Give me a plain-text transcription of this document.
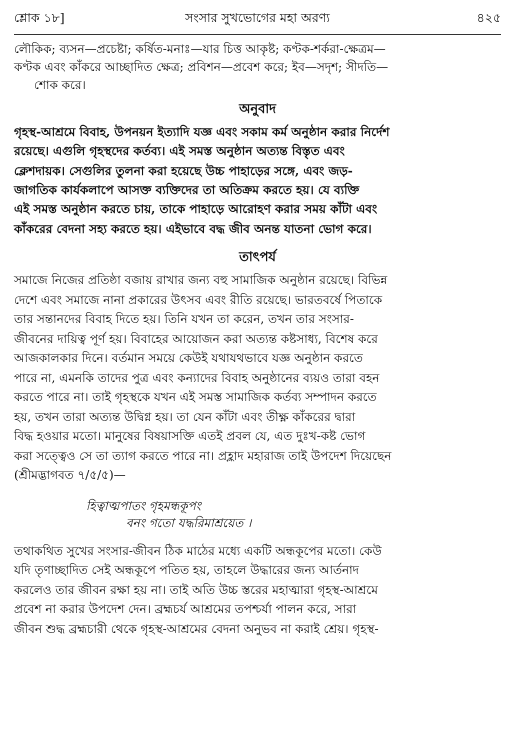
শ্লোক ১৮]	সংসার সুখভোগের মহা অরণ্য	৪২৫

লৌকিক; ব্যসন—প্রচেষ্টা; কর্ষিত-মনাঃ—যার চিত্ত আকৃষ্ট; কণ্টক-শর্করা-ক্ষেত্রম—

কণ্টক এবং কাঁকরে আচ্ছাদিত ক্ষেত্র; প্রবিশন—প্রবেশ করে; ইব—সদৃশ; সীদতি—

শোক করে।

অনুবাদ

গৃহস্থ-আশ্রমে বিবাহ, উপনয়ন ইত্যাদি যজ্ঞ এবং সকাম কর্ম অনুষ্ঠান করার নির্দেশ

রয়েছে। এগুলি গৃহস্থদের কর্তব্য। এই সমস্ত অনুষ্ঠান অত্যন্ত বিস্তৃত এবং

ক্লেশদায়ক। সেগুলির তুলনা করা হয়েছে উচ্চ পাহাড়ের সঙ্গে, এবং জড়-

জাগতিক কার্যকলাপে আসক্ত ব্যক্তিদের তা অতিক্রম করতে হয়। যে ব্যক্তি

এই সমস্ত অনুষ্ঠান করতে চায়, তাকে পাহাড়ে আরোহণ করার সময় কাঁটা এবং

কাঁকরের বেদনা সহ্য করতে হয়। এইভাবে বদ্ধ জীব অনন্ত যাতনা ভোগ করে।

তাৎপর্য

সমাজে নিজের প্রতিষ্ঠা বজায় রাখার জন্য বহু সামাজিক অনুষ্ঠান রয়েছে। বিভিন্ন

দেশে এবং সমাজে নানা প্রকারের উৎসব এবং রীতি রয়েছে। ভারতবর্ষে পিতাকে

তার সন্তানদের বিবাহ দিতে হয়। তিনি যখন তা করেন, তখন তার সংসার-

জীবনের দায়িত্ব পূর্ণ হয়। বিবাহের আয়োজন করা অত্যন্ত কষ্টসাধ্য, বিশেষ করে

আজকালকার দিনে। বর্তমান সময়ে কেউই যথাযথভাবে যজ্ঞ অনুষ্ঠান করতে

পারে না, এমনকি তাদের পুত্র এবং কন্যাদের বিবাহ অনুষ্ঠানের ব্যয়ও তারা বহন

করতে পারে না। তাই গৃহস্থকে যখন এই সমস্ত সামাজিক কর্তব্য সম্পাদন করতে

হয়, তখন তারা অত্যন্ত উদ্বিগ্ন হয়। তা যেন কাঁটা এবং তীক্ষ্ণ কাঁকরের দ্বারা

বিদ্ধ হওয়ার মতো। মানুষের বিষয়াসক্তি এতই প্রবল যে, এত দুঃখ-কষ্ট ভোগ

করা সত্ত্বেও সে তা ত্যাগ করতে পারে না। প্রহ্লাদ মহারাজ তাই উপদেশ দিয়েছেন

(শ্রীমদ্ভাগবত ৭/৫/৫)—

হিত্বাত্মপাতং গৃহমন্ধকূপং

বনং গতো যদ্ধরিমাশ্রয়েত ।

তথাকথিত সুখের সংসার-জীবন ঠিক মাঠের মধ্যে একটি অন্ধকূপের মতো। কেউ

যদি তৃণাচ্ছাদিত সেই অন্ধকূপে পতিত হয়, তাহলে উদ্ধারের জন্য আর্তনাদ

করলেও তার জীবন রক্ষা হয় না। তাই অতি উচ্চ স্তরের মহাত্মারা গৃহস্থ-আশ্রমে

প্রবেশ না করার উপদেশ দেন। ব্রহ্মচর্য আশ্রমের তপশ্চর্যা পালন করে, সারা

জীবন শুদ্ধ ব্রহ্মচারী থেকে গৃহস্থ-আশ্রমের বেদনা অনুভব না করাই শ্রেয়। গৃহস্থ-
